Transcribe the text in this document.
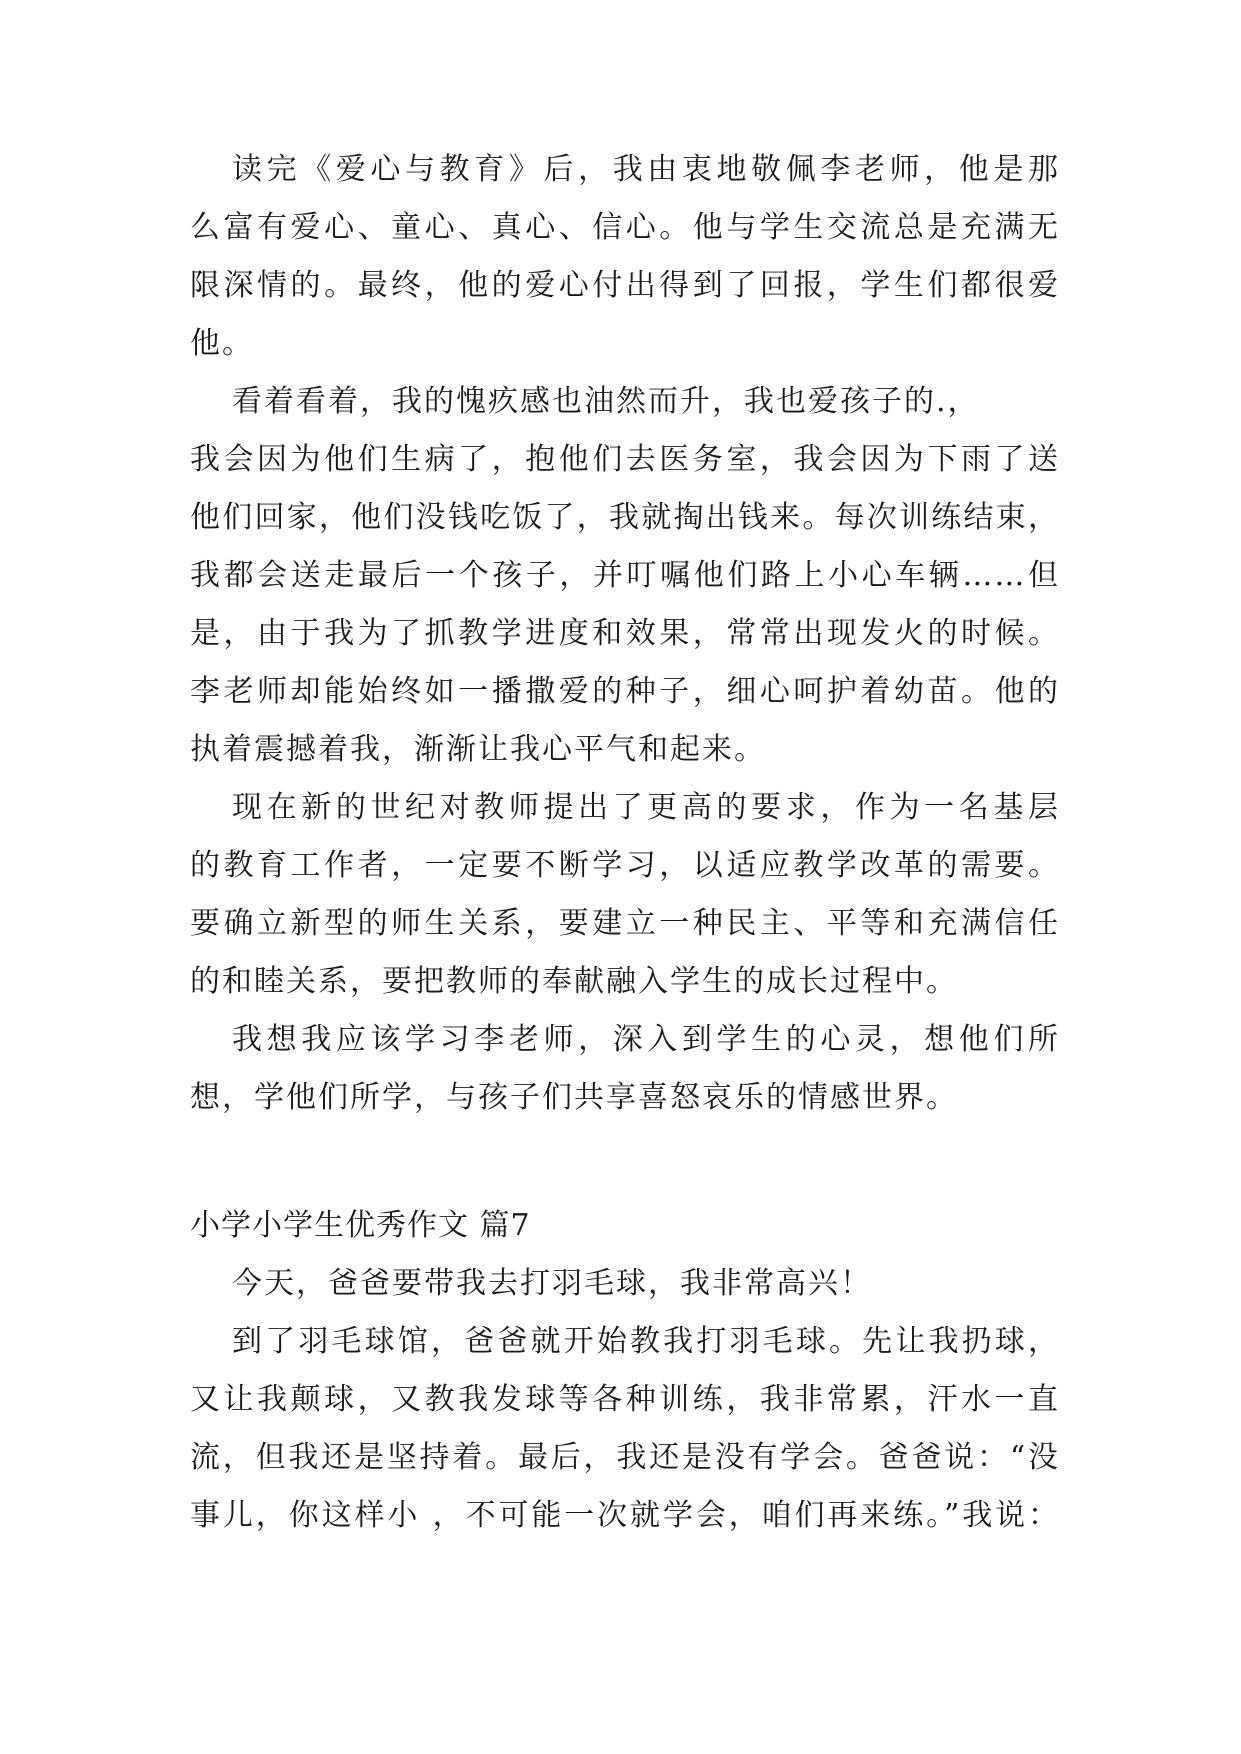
读完《爱心与教育》后，我由衷地敬佩李老师，他是那
么富有爱心、童心、真心、信心。他与学生交流总是充满无
限深情的。最终，他的爱心付出得到了回报，学生们都很爱
他。
看着看着，我的愧疚感也油然而升，我也爱孩子的.，
我会因为他们生病了，抱他们去医务室，我会因为下雨了送
他们回家，他们没钱吃饭了，我就掏出钱来。每次训练结束，
我都会送走最后一个孩子，并叮嘱他们路上小心车辆……但
是，由于我为了抓教学进度和效果，常常出现发火的时候。
李老师却能始终如一播撒爱的种子，细心呵护着幼苗。他的
执着震撼着我，渐渐让我心平气和起来。
现在新的世纪对教师提出了更高的要求，作为一名基层
的教育工作者，一定要不断学习，以适应教学改革的需要。
要确立新型的师生关系，要建立一种民主、平等和充满信任
的和睦关系，要把教师的奉献融入学生的成长过程中。
我想我应该学习李老师，深入到学生的心灵，想他们所
想，学他们所学，与孩子们共享喜怒哀乐的情感世界。
小学小学生优秀作文 篇7
今天，爸爸要带我去打羽毛球，我非常高兴！
到了羽毛球馆，爸爸就开始教我打羽毛球。先让我扔球，
又让我颠球，又教我发球等各种训练，我非常累，汗水一直
流，但我还是坚持着。最后，我还是没有学会。爸爸说：“没
事儿，你这样小 ，不可能一次就学会，咱们再来练。”我说：
